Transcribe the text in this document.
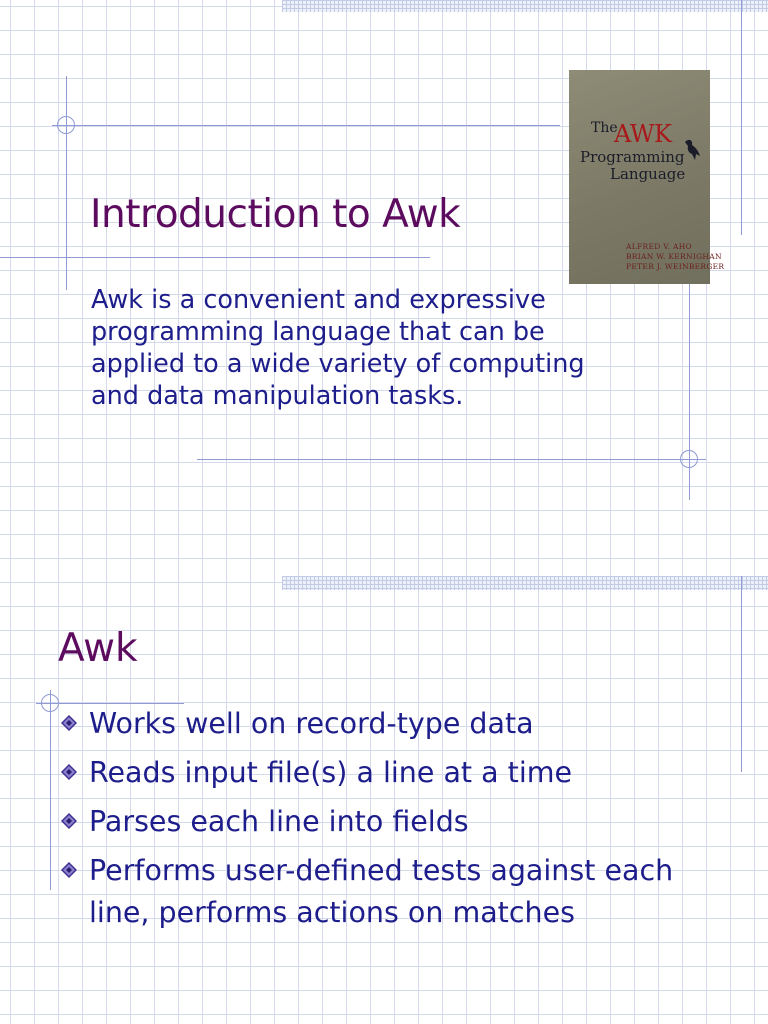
Introduction to Awk

Awk is a convenient and expressive programming language that can be applied to a wide variety of computing and data manipulation tasks.

The
AWK
Programming
Language
ALFRED V. AHO
BRIAN W. KERNIGHAN
PETER J. WEINBERGER
Awk
Works well on record-type data
Reads input file(s) a line at a time
Parses each line into fields
Performs user-defined tests against each line, performs actions on matches
